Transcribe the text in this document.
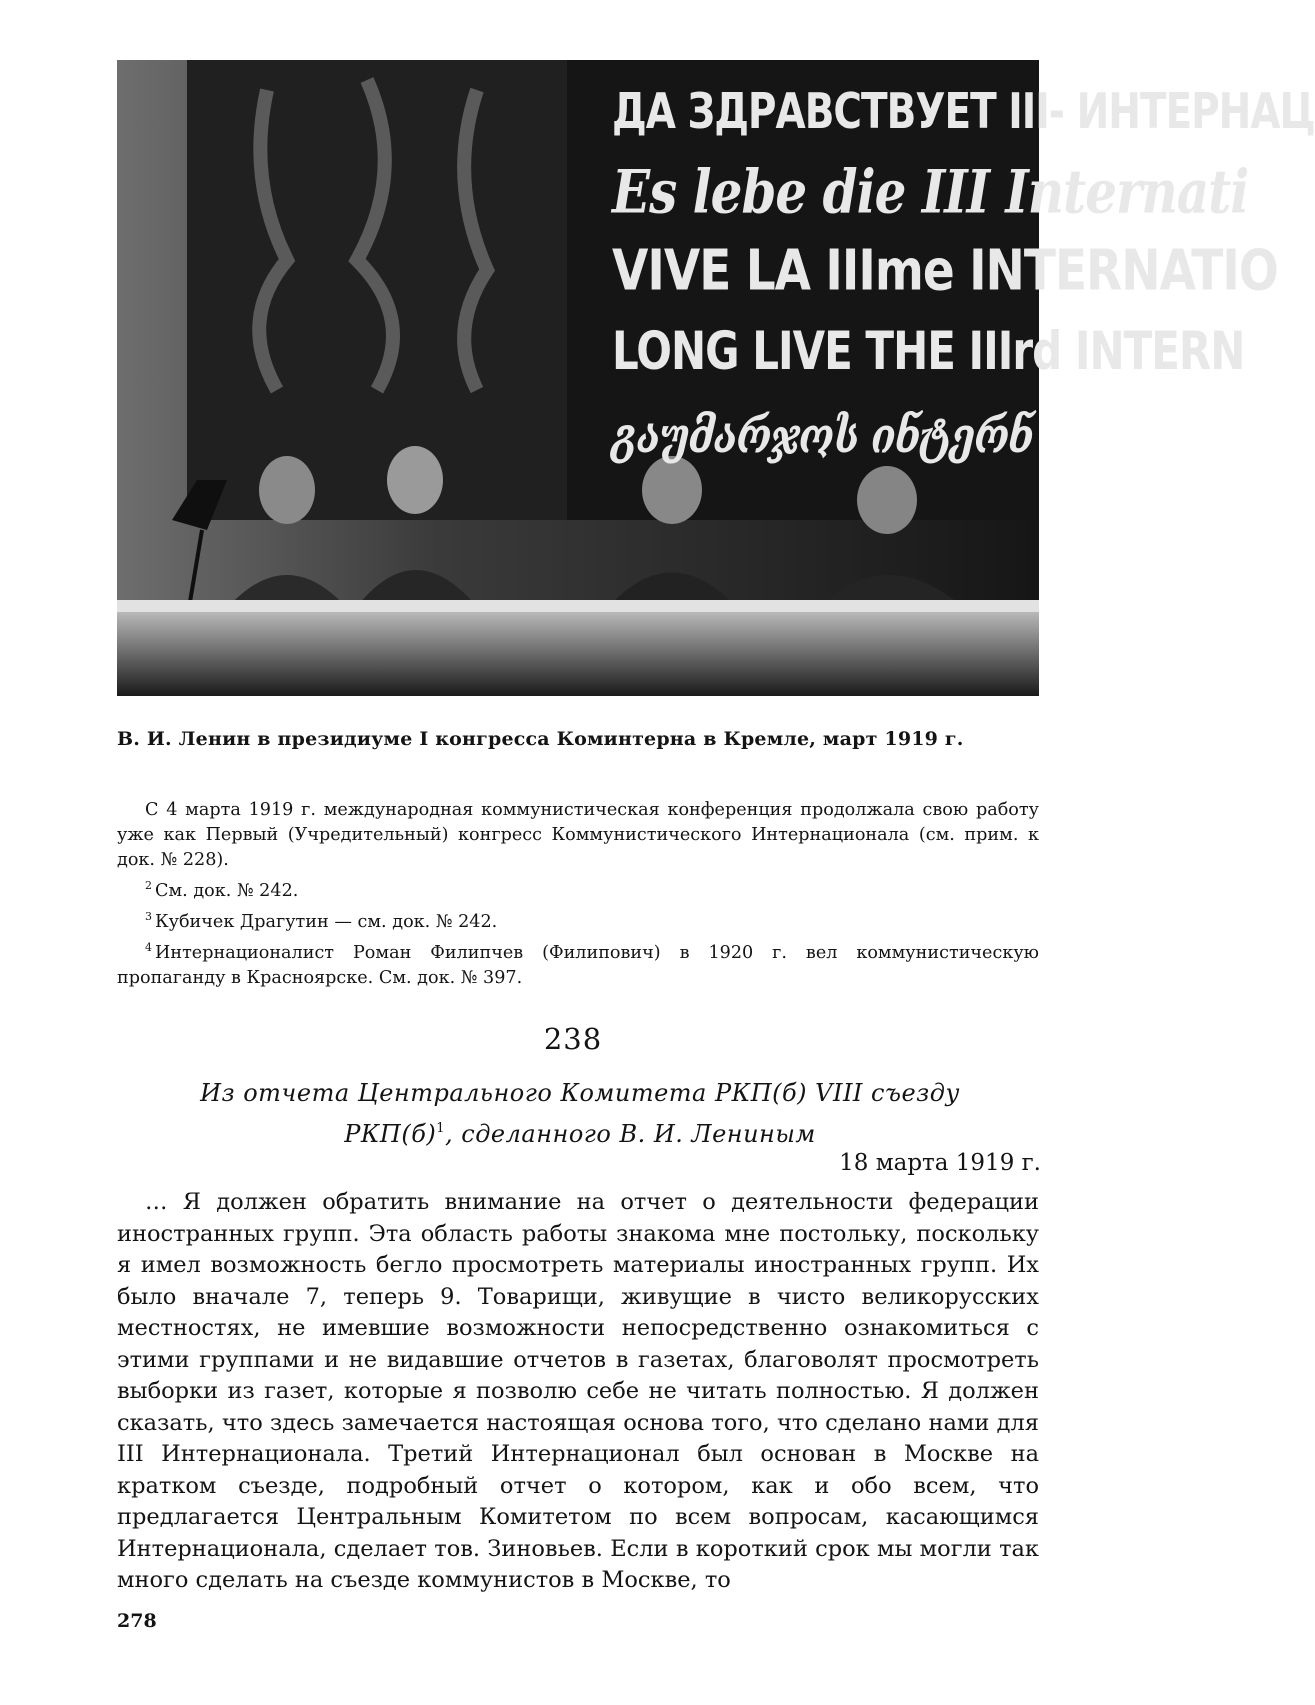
ДА ЗДРАВСТВУЕТ III- ИНТЕРНАЦ
Es lebe die III Internati
VIVE LA IIIme INTERNATIO
LONG LIVE THE IIIrd INTERN
გაუმარჯოს ინტერნ
В. И. Ленин в президиуме I конгресса Коминтерна в Кремле, март 1919 г.

С 4 марта 1919 г. международная коммунистическая конференция продолжала свою работу уже как Первый (Учредительный) конгресс Коммунистического Интернационала (см. прим. к док. № 228).

$^2$ См. док. № 242.

$^3$ Кубичек Драгутин — см. док. № 242.

$^4$ Интернационалист Роман Филипчев (Филипович) в 1920 г. вел коммунистическую пропаганду в Красноярске. См. док. № 397.

238
Из отчета Центрального Комитета РКП(б) VIII съезду
$РКП(б)^1$, сделанного В. И. Лениным
18 марта 1919 г.

… Я должен обратить внимание на отчет о деятельности федерации иностранных групп. Эта область работы знакома мне постольку, поскольку я имел возможность бегло просмотреть материалы иностранных групп. Их было вначале 7, теперь 9. Товарищи, живущие в чисто великорусских местностях, не имевшие возможности непосредственно ознакомиться с этими группами и не видавшие отчетов в газетах, благоволят просмотреть выборки из газет, которые я позволю себе не читать полностью. Я должен сказать, что здесь замечается настоящая основа того, что сделано нами для III Интернационала. Третий Интернационал был основан в Москве на кратком съезде, подробный отчет о котором, как и обо всем, что предлагается Центральным Комитетом по всем вопросам, касающимся Интернационала, сделает тов. Зиновьев. Если в короткий срок мы могли так много сделать на съезде коммунистов в Москве, то

278
